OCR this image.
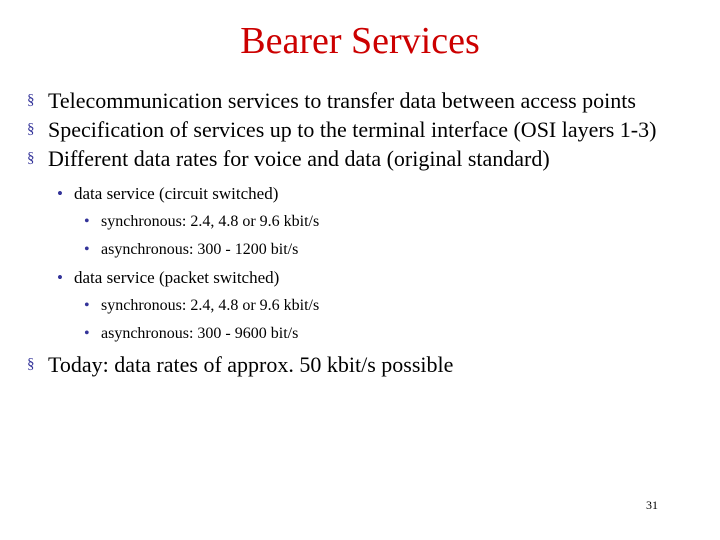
Bearer Services
§ Telecommunication services to transfer data between access points
§ Specification of services up to the terminal interface (OSI layers 1-3)
§ Different data rates for voice and data (original standard)
• data service (circuit switched)
• synchronous: 2.4, 4.8 or 9.6 kbit/s
• asynchronous: 300 - 1200 bit/s
• data service (packet switched)
• synchronous: 2.4, 4.8 or 9.6 kbit/s
• asynchronous: 300 - 9600 bit/s
§ Today: data rates of approx. 50 kbit/s possible
31
